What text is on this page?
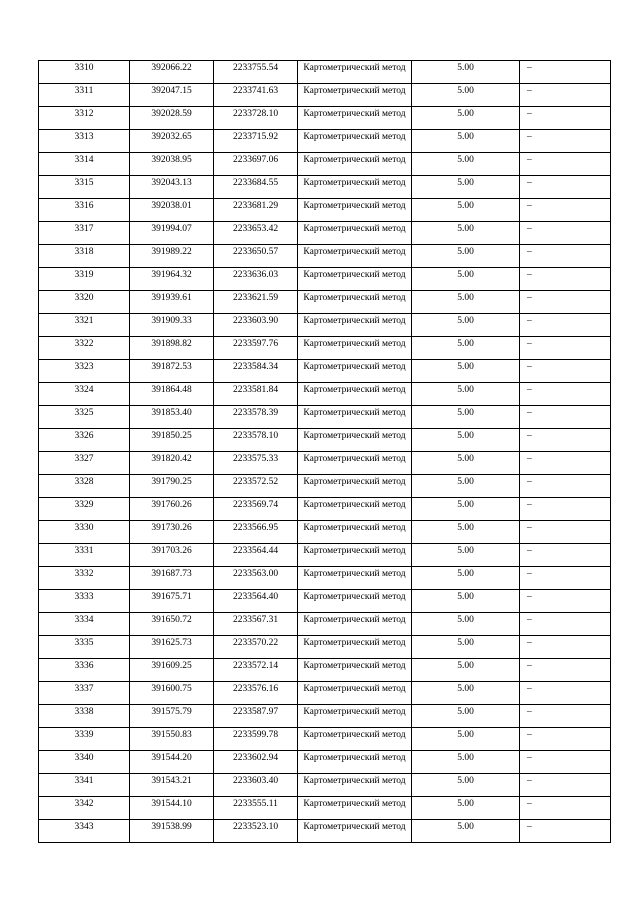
3310	392066.22	2233755.54	Картометрический метод	5.00	–

3311	392047.15	2233741.63	Картометрический метод	5.00	–

3312	392028.59	2233728.10	Картометрический метод	5.00	–

3313	392032.65	2233715.92	Картометрический метод	5.00	–

3314	392038.95	2233697.06	Картометрический метод	5.00	–

3315	392043.13	2233684.55	Картометрический метод	5.00	–

3316	392038.01	2233681.29	Картометрический метод	5.00	–

3317	391994.07	2233653.42	Картометрический метод	5.00	–

3318	391989.22	2233650.57	Картометрический метод	5.00	–

3319	391964.32	2233636.03	Картометрический метод	5.00	–

3320	391939.61	2233621.59	Картометрический метод	5.00	–

3321	391909.33	2233603.90	Картометрический метод	5.00	–

3322	391898.82	2233597.76	Картометрический метод	5.00	–

3323	391872.53	2233584.34	Картометрический метод	5.00	–

3324	391864.48	2233581.84	Картометрический метод	5.00	–

3325	391853.40	2233578.39	Картометрический метод	5.00	–

3326	391850.25	2233578.10	Картометрический метод	5.00	–

3327	391820.42	2233575.33	Картометрический метод	5.00	–

3328	391790.25	2233572.52	Картометрический метод	5.00	–

3329	391760.26	2233569.74	Картометрический метод	5.00	–

3330	391730.26	2233566.95	Картометрический метод	5.00	–

3331	391703.26	2233564.44	Картометрический метод	5.00	–

3332	391687.73	2233563.00	Картометрический метод	5.00	–

3333	391675.71	2233564.40	Картометрический метод	5.00	–

3334	391650.72	2233567.31	Картометрический метод	5.00	–

3335	391625.73	2233570.22	Картометрический метод	5.00	–

3336	391609.25	2233572.14	Картометрический метод	5.00	–

3337	391600.75	2233576.16	Картометрический метод	5.00	–

3338	391575.79	2233587.97	Картометрический метод	5.00	–

3339	391550.83	2233599.78	Картометрический метод	5.00	–

3340	391544.20	2233602.94	Картометрический метод	5.00	–

3341	391543.21	2233603.40	Картометрический метод	5.00	–

3342	391544.10	2233555.11	Картометрический метод	5.00	–

3343	391538.99	2233523.10	Картометрический метод	5.00	–
